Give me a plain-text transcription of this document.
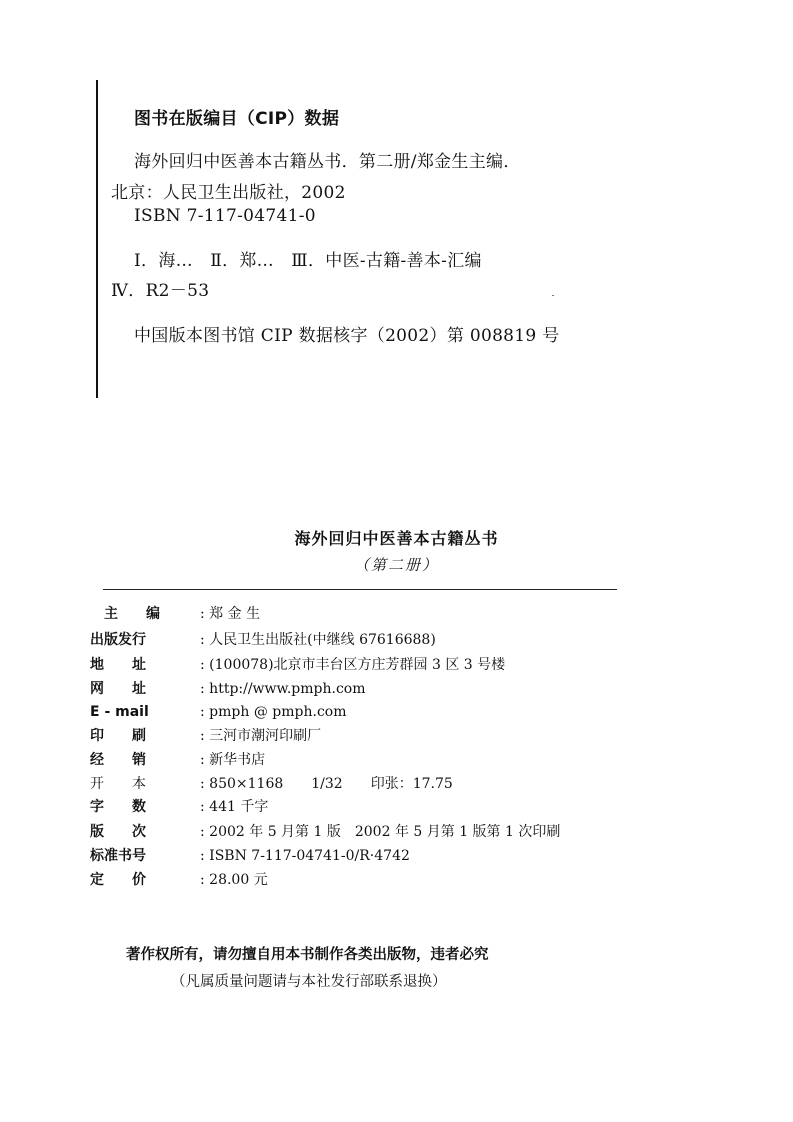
图书在版编目（CIP）数据
海外回归中医善本古籍丛书．第二册/郑金生主编．
北京：人民卫生出版社，2002
ISBN 7-117-04741-0
Ⅰ．海…　Ⅱ．郑…　Ⅲ．中医-古籍-善本-汇编
Ⅳ．R2－53
中国版本图书馆 CIP 数据核字（2002）第 008819 号
海外回归中医善本古籍丛书
（第二册）
主　　编	: 郑 金 生
出版发行	: 人民卫生出版社(中继线 67616688)
地　　址	: (100078)北京市丰台区方庄芳群园 3 区 3 号楼
网　　址	: http://www.pmph.com
E - mail	: pmph @ pmph.com
印　　刷	: 三河市潮河印刷厂
经　　销	: 新华书店
开　　本	: 850×1168　　1/32　　印张：17.75
字　　数	: 441 千字
版　　次	: 2002 年 5 月第 1 版　2002 年 5 月第 1 版第 1 次印刷
标准书号	: ISBN 7-117-04741-0/R·4742
定　　价	: 28.00 元
著作权所有，请勿擅自用本书制作各类出版物，违者必究
（凡属质量问题请与本社发行部联系退换）
